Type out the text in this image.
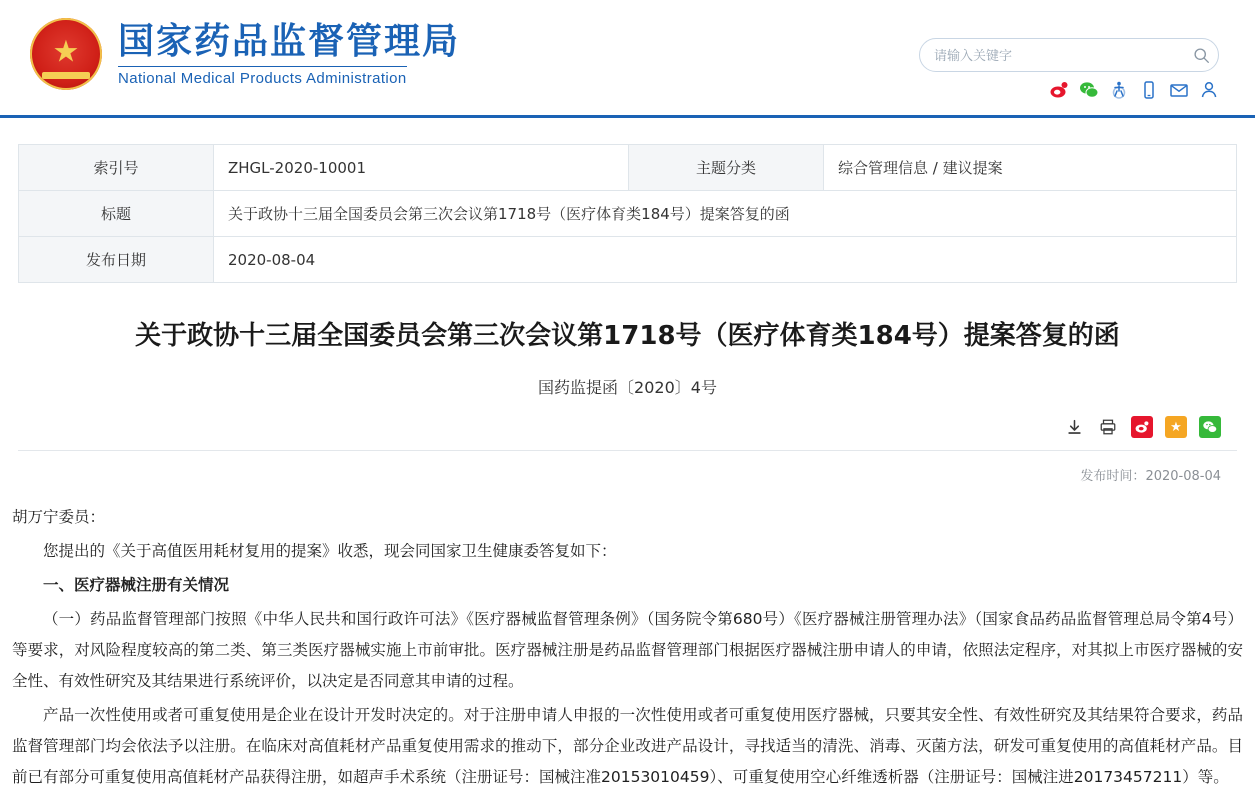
★
国家药品监督管理局
National Medical Products Administration
请输入关键字
索引号	ZHGL-2020-10001	主题分类	综合管理信息 / 建议提案
标题	关于政协十三届全国委员会第三次会议第1718号（医疗体育类184号）提案答复的函		
发布日期	2020-08-04		
关于政协十三届全国委员会第三次会议第1718号（医疗体育类184号）提案答复的函
国药监提函〔2020〕4号
★
发布时间：2020-08-04

胡万宁委员：

您提出的《关于高值医用耗材复用的提案》收悉，现会同国家卫生健康委答复如下：

一、医疗器械注册有关情况

（一）药品监督管理部门按照《中华人民共和国行政许可法》《医疗器械监督管理条例》（国务院令第680号）《医疗器械注册管理办法》（国家食品药品监督管理总局令第4号）等要求，对风险程度较高的第二类、第三类医疗器械实施上市前审批。医疗器械注册是药品监督管理部门根据医疗器械注册申请人的申请，依照法定程序，对其拟上市医疗器械的安全性、有效性研究及其结果进行系统评价，以决定是否同意其申请的过程。

产品一次性使用或者可重复使用是企业在设计开发时决定的。对于注册申请人申报的一次性使用或者可重复使用医疗器械，只要其安全性、有效性研究及其结果符合要求，药品监督管理部门均会依法予以注册。在临床对高值耗材产品重复使用需求的推动下，部分企业改进产品设计，寻找适当的清洗、消毒、灭菌方法，研发可重复使用的高值耗材产品。目前已有部分可重复使用高值耗材产品获得注册，如超声手术系统（注册证号：国械注准20153010459）、可重复使用空心纤维透析器（注册证号：国械注进20173457211）等。
